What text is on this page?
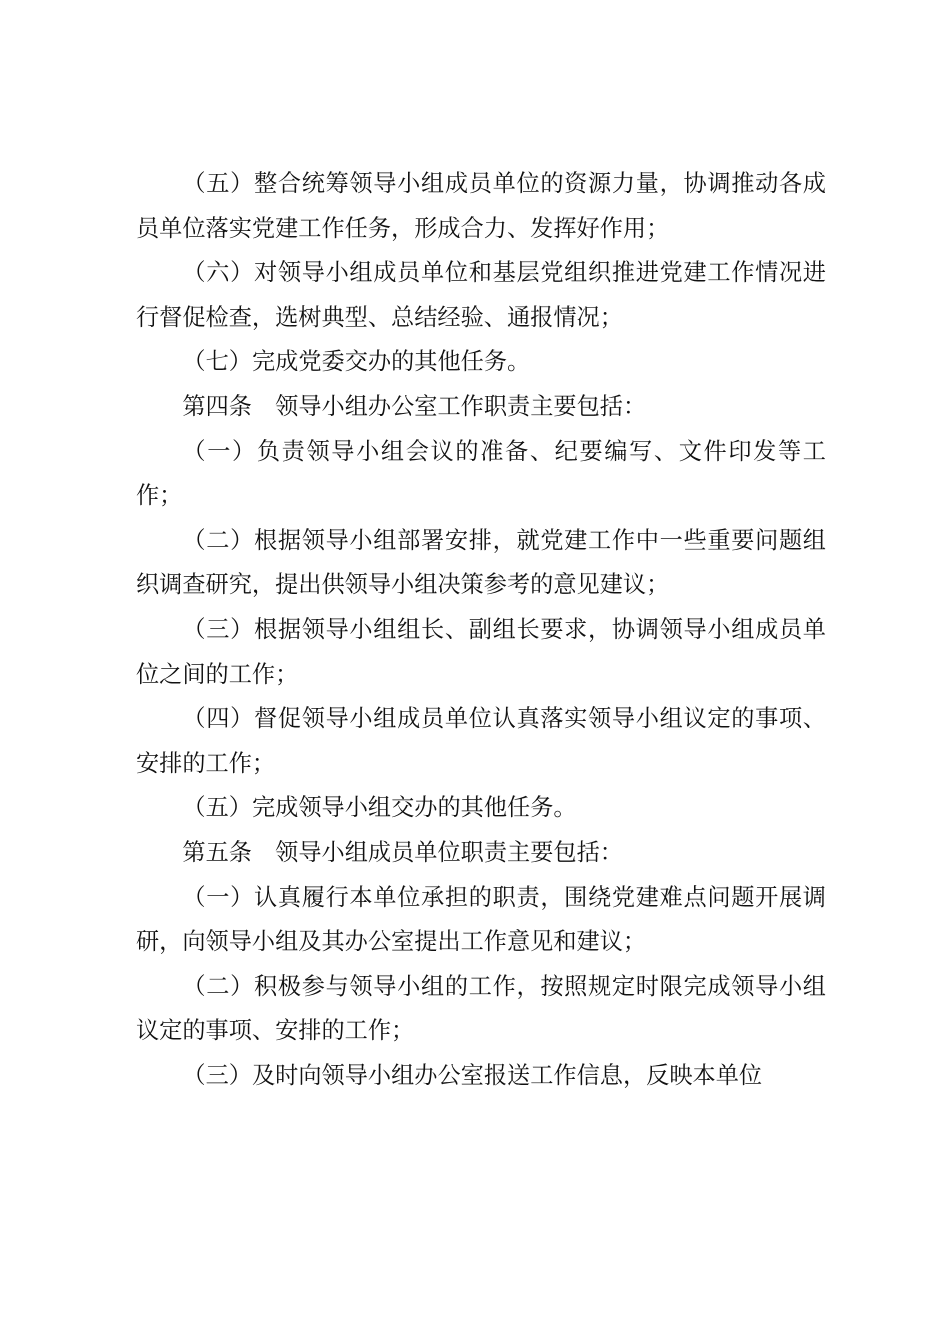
（五）整合统筹领导小组成员单位的资源力量，协调推动各成员单位落实党建工作任务，形成合力、发挥好作用；

（六）对领导小组成员单位和基层党组织推进党建工作情况进行督促检查，选树典型、总结经验、通报情况；

（七）完成党委交办的其他任务。

第四条　领导小组办公室工作职责主要包括：

（一）负责领导小组会议的准备、纪要编写、文件印发等工作；

（二）根据领导小组部署安排，就党建工作中一些重要问题组织调查研究，提出供领导小组决策参考的意见建议；

（三）根据领导小组组长、副组长要求，协调领导小组成员单位之间的工作；

（四）督促领导小组成员单位认真落实领导小组议定的事项、安排的工作；

（五）完成领导小组交办的其他任务。

第五条　领导小组成员单位职责主要包括：

（一）认真履行本单位承担的职责，围绕党建难点问题开展调研，向领导小组及其办公室提出工作意见和建议；

（二）积极参与领导小组的工作，按照规定时限完成领导小组议定的事项、安排的工作；

（三）及时向领导小组办公室报送工作信息，反映本单位
